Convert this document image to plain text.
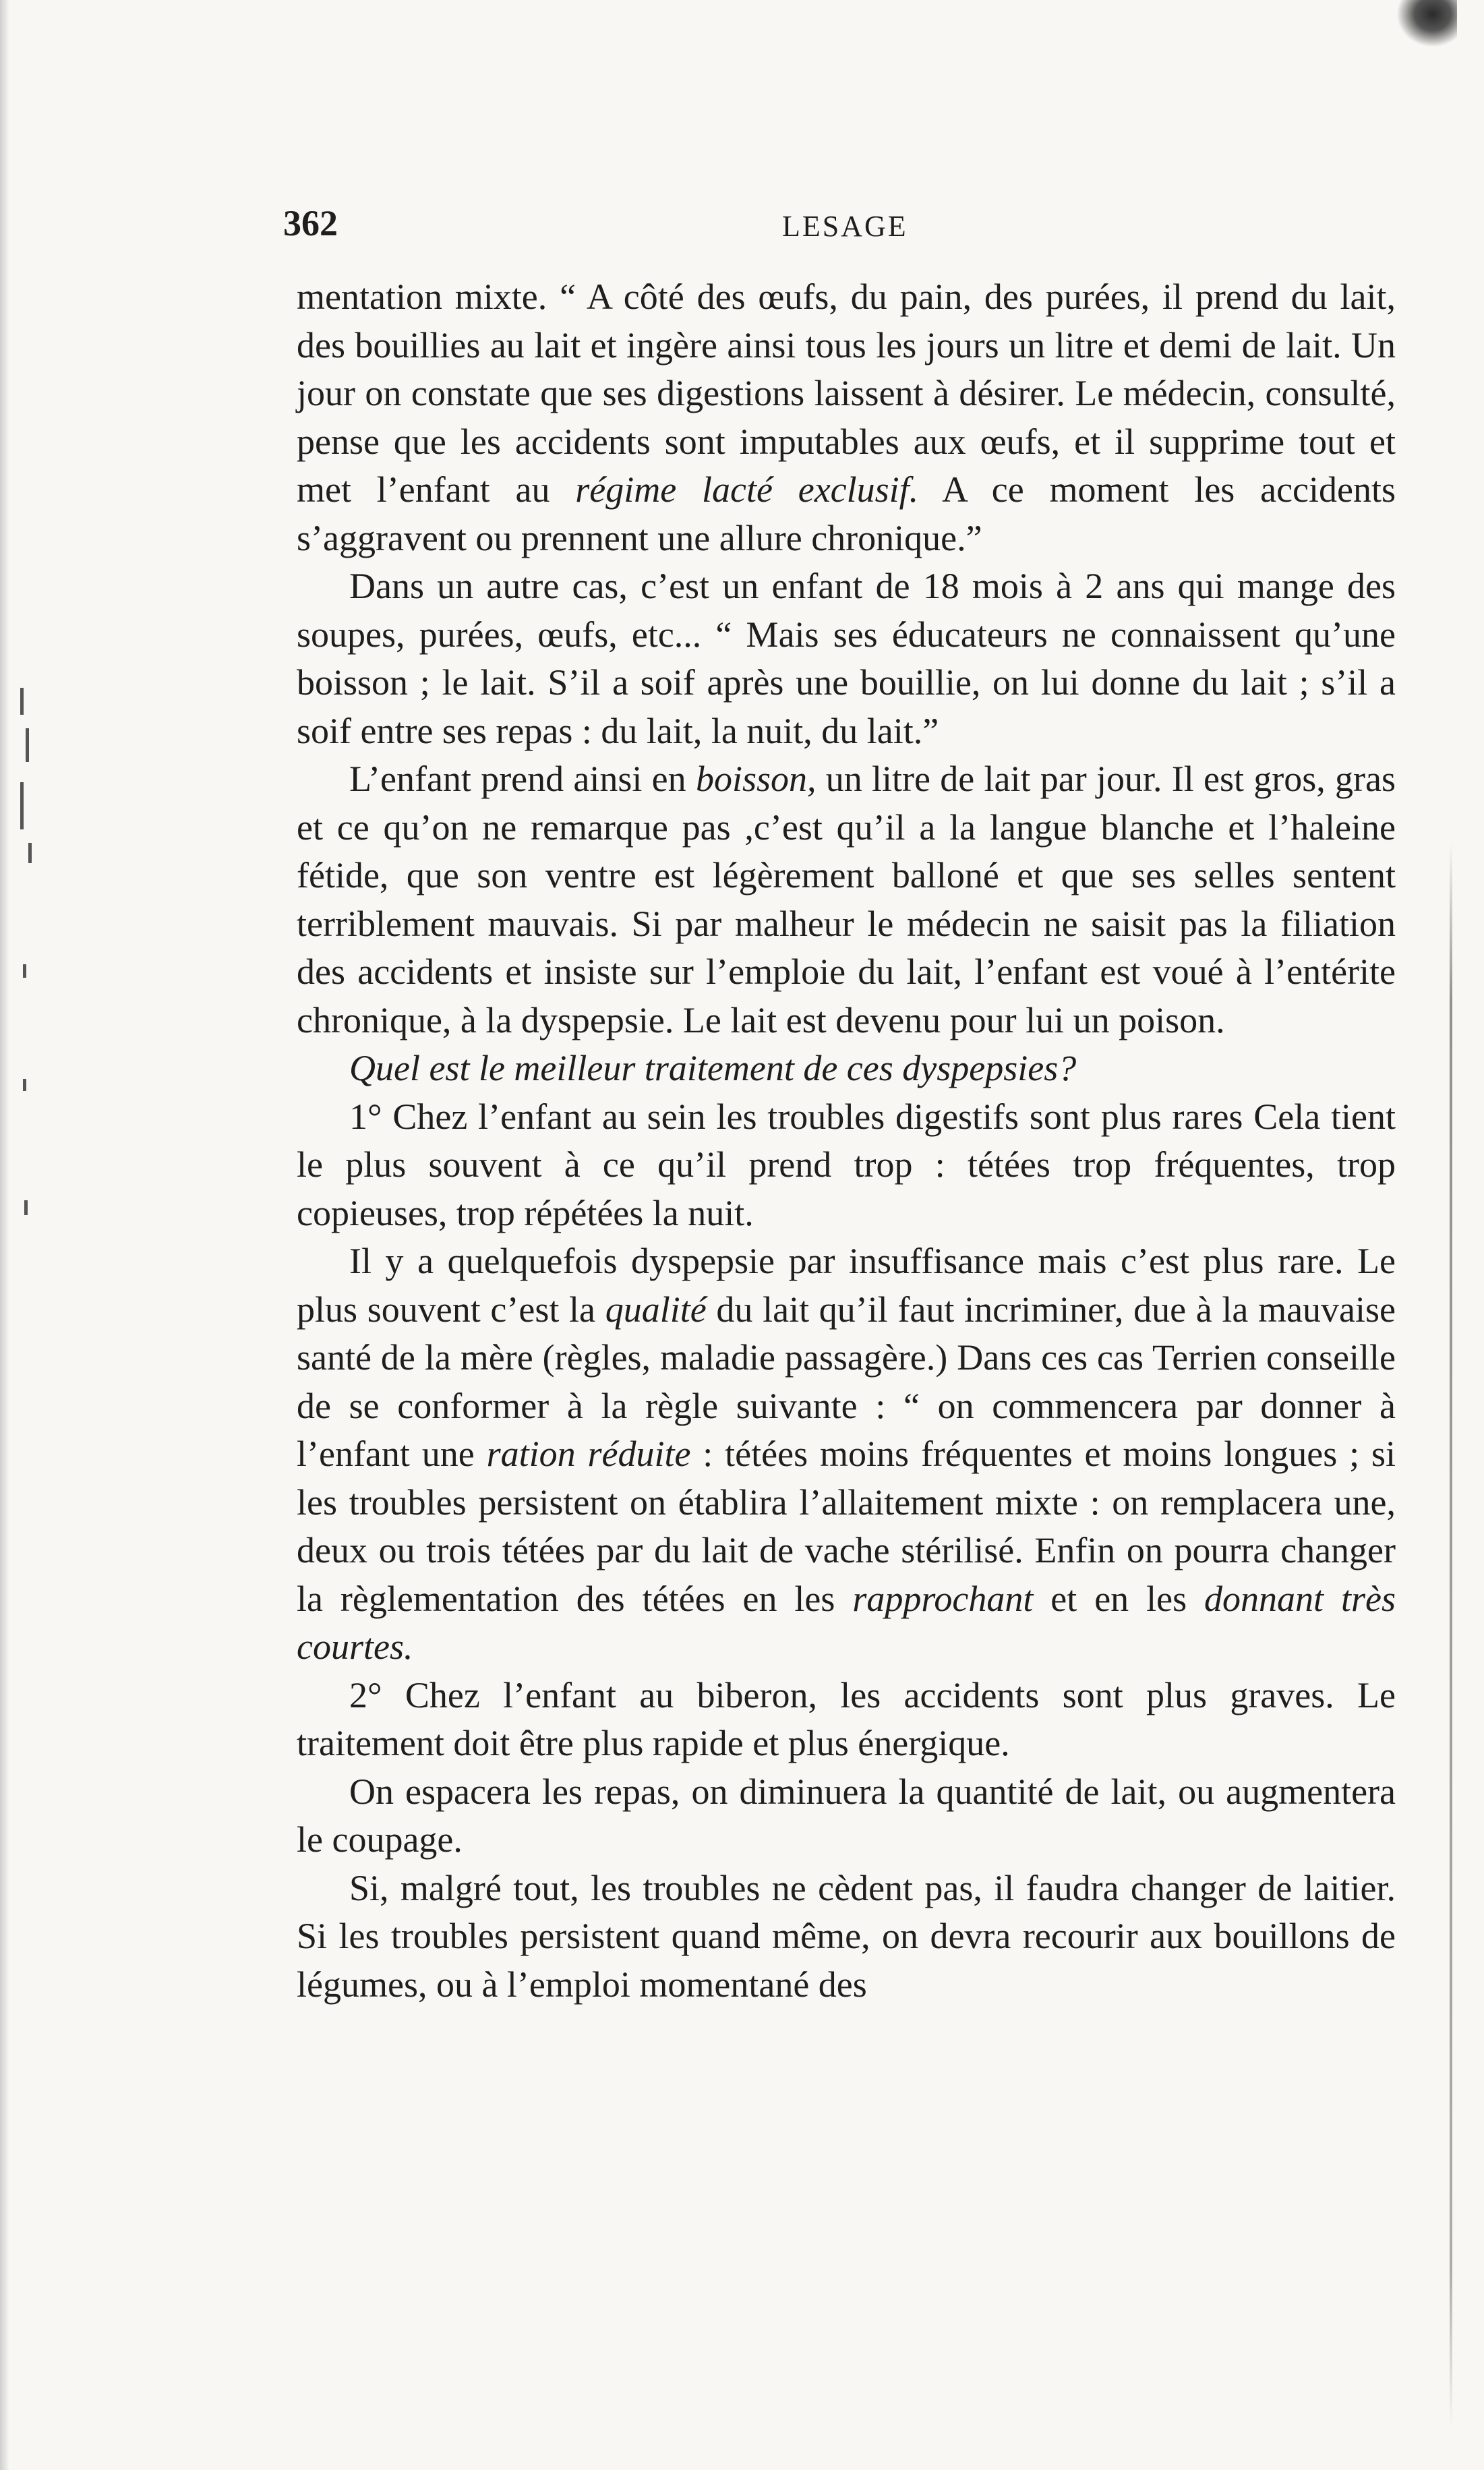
362	LESAGE

mentation mixte. “ A côté des œufs, du pain, des purées, il prend du lait, des bouillies au lait et ingère ainsi tous les jours un litre et demi de lait. Un jour on constate que ses digestions laissent à désirer. Le médecin, consulté, pense que les accidents sont imputables aux œufs, et il supprime tout et met l’enfant au régime lacté exclusif. A ce moment les accidents s’aggravent ou prennent une allure chronique.”

Dans un autre cas, c’est un enfant de 18 mois à 2 ans qui mange des soupes, purées, œufs, etc... “ Mais ses éducateurs ne connaissent qu’une boisson ; le lait. S’il a soif après une bouillie, on lui donne du lait ; s’il a soif entre ses repas : du lait, la nuit, du lait.”

L’enfant prend ainsi en boisson, un litre de lait par jour. Il est gros, gras et ce qu’on ne remarque pas ,c’est qu’il a la langue blanche et l’haleine fétide, que son ventre est légèrement balloné et que ses selles sentent terriblement mauvais. Si par malheur le médecin ne saisit pas la filiation des accidents et insiste sur l’emploie du lait, l’enfant est voué à l’entérite chronique, à la dyspepsie. Le lait est devenu pour lui un poison.

Quel est le meilleur traitement de ces dyspepsies?

1° Chez l’enfant au sein les troubles digestifs sont plus rares Cela tient le plus souvent à ce qu’il prend trop : tétées trop fréquentes, trop copieuses, trop répétées la nuit.

Il y a quelquefois dyspepsie par insuffisance mais c’est plus rare. Le plus souvent c’est la qualité du lait qu’il faut incriminer, due à la mauvaise santé de la mère (règles, maladie passagère.) Dans ces cas Terrien conseille de se conformer à la règle suivante : “ on commencera par donner à l’enfant une ration réduite : tétées moins fréquentes et moins longues ; si les troubles persistent on établira l’allaitement mixte : on remplacera une, deux ou trois tétées par du lait de vache stérilisé. Enfin on pourra changer la règlementation des tétées en les rapprochant et en les donnant très courtes.

2° Chez l’enfant au biberon, les accidents sont plus graves. Le traitement doit être plus rapide et plus énergique.

On espacera les repas, on diminuera la quantité de lait, ou augmentera le coupage.

Si, malgré tout, les troubles ne cèdent pas, il faudra changer de laitier. Si les troubles persistent quand même, on devra recourir aux bouillons de légumes, ou à l’emploi momentané des
